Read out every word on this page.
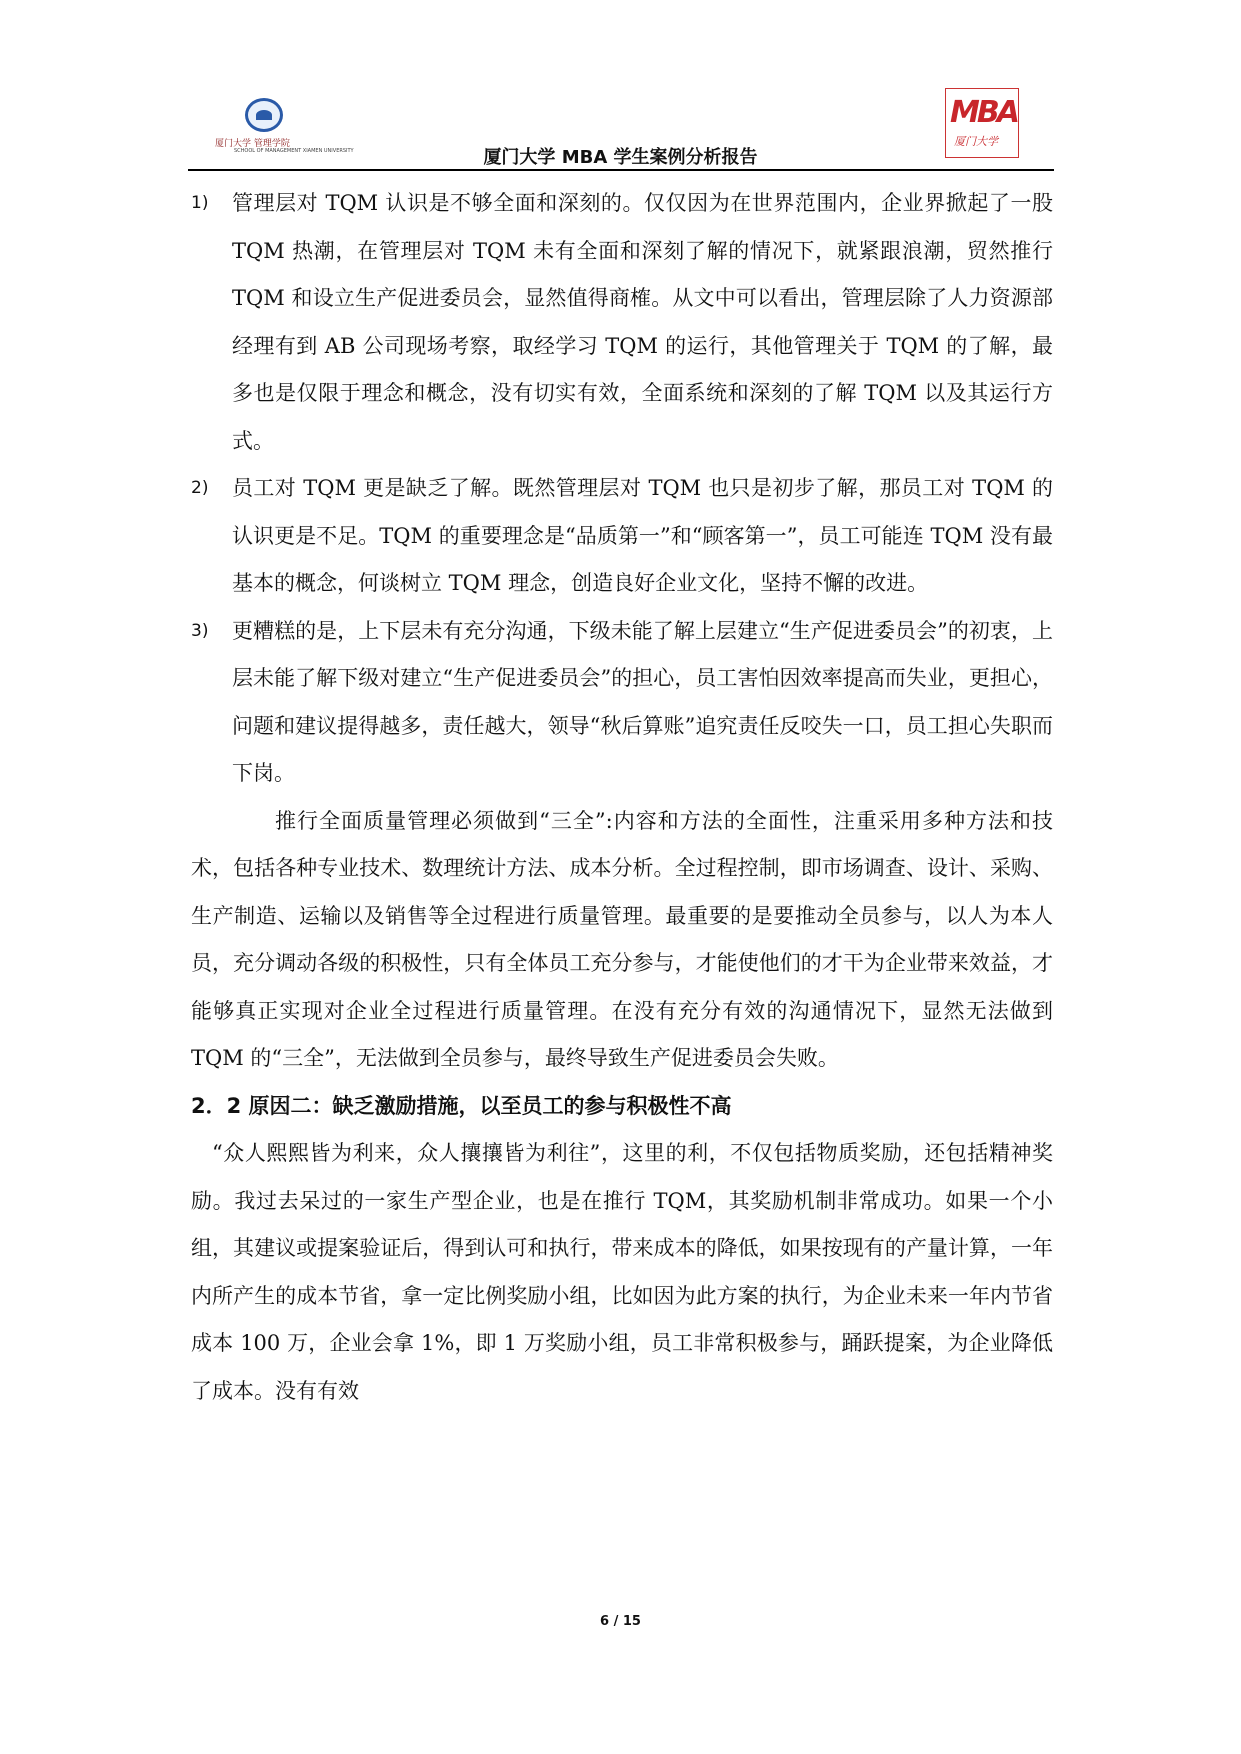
厦门大学 管理学院
SCHOOL OF MANAGEMENT XIAMEN UNIVERSITY
MBA
厦门大学
厦门大学 MBA 学生案例分析报告
1) 管理层对 TQM 认识是不够全面和深刻的。仅仅因为在世界范围内，企业界掀起了一股 TQM 热潮，在管理层对 TQM 未有全面和深刻了解的情况下，就紧跟浪潮，贸然推行 TQM 和设立生产促进委员会，显然值得商榷。从文中可以看出，管理层除了人力资源部经理有到 AB 公司现场考察，取经学习 TQM 的运行，其他管理关于 TQM 的了解，最多也是仅限于理念和概念，没有切实有效，全面系统和深刻的了解 TQM 以及其运行方式。
2) 员工对 TQM 更是缺乏了解。既然管理层对 TQM 也只是初步了解，那员工对 TQM 的认识更是不足。TQM 的重要理念是“品质第一”和“顾客第一”，员工可能连 TQM 没有最基本的概念，何谈树立 TQM 理念，创造良好企业文化，坚持不懈的改进。
3) 更糟糕的是，上下层未有充分沟通，下级未能了解上层建立“生产促进委员会”的初衷，上层未能了解下级对建立“生产促进委员会”的担心，员工害怕因效率提高而失业，更担心，问题和建议提得越多，责任越大，领导“秋后算账”追究责任反咬失一口，员工担心失职而下岗。
推行全面质量管理必须做到“三全”:内容和方法的全面性，注重采用多种方法和技术，包括各种专业技术、数理统计方法、成本分析。全过程控制，即市场调查、设计、采购、生产制造、运输以及销售等全过程进行质量管理。最重要的是要推动全员参与，以人为本人员，充分调动各级的积极性，只有全体员工充分参与，才能使他们的才干为企业带来效益，才能够真正实现对企业全过程进行质量管理。在没有充分有效的沟通情况下，显然无法做到 TQM 的“三全”，无法做到全员参与，最终导致生产促进委员会失败。
2．2 原因二：缺乏激励措施，以至员工的参与积极性不高
“众人熙熙皆为利来，众人攘攘皆为利往”，这里的利，不仅包括物质奖励，还包括精神奖励。我过去呆过的一家生产型企业，也是在推行 TQM，其奖励机制非常成功。如果一个小组，其建议或提案验证后，得到认可和执行，带来成本的降低，如果按现有的产量计算，一年内所产生的成本节省，拿一定比例奖励小组，比如因为此方案的执行，为企业未来一年内节省成本 100 万，企业会拿 1%，即 1 万奖励小组，员工非常积极参与，踊跃提案，为企业降低了成本。没有有效
6 / 15
